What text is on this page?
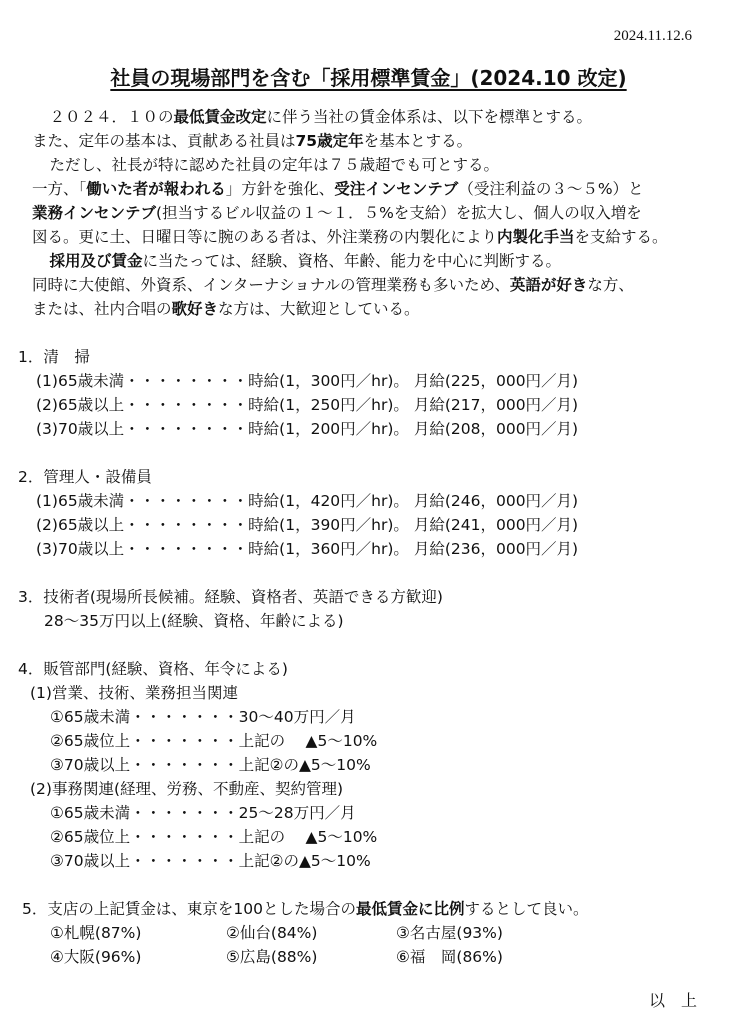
2024.11.12.6
社員の現場部門を含む「採用標準賃金」(2024.10 改定)
　２０２４．１０の最低賃金改定に伴う当社の賃金体系は、以下を標準とする。
また、定年の基本は、貢献ある社員は75歳定年を基本とする。
　ただし、社長が特に認めた社員の定年は７５歳超でも可とする。
一方、「働いた者が報われる」方針を強化、受注インセンテブ（受注利益の３～５%）と
業務インセンテブ(担当するビル収益の１～１．５%を支給）を拡大し、個人の収入増を
図る。更に土、日曜日等に腕のある者は、外注業務の内製化により内製化手当を支給する。
　採用及び賃金に当たっては、経験、資格、年齢、能力を中心に判断する。
同時に大使館、外資系、インターナショナルの管理業務も多いため、英語が好きな方、
または、社内合唱の歌好きな方は、大歓迎としている。
1．清　掃
(1)65歳未満・・・・・・・・時給(1，300円／hr)。 月給(225，000円／月)
(2)65歳以上・・・・・・・・時給(1，250円／hr)。 月給(217，000円／月)
(3)70歳以上・・・・・・・・時給(1，200円／hr)。 月給(208，000円／月)
2．管理人・設備員
(1)65歳未満・・・・・・・・時給(1，420円／hr)。 月給(246，000円／月)
(2)65歳以上・・・・・・・・時給(1，390円／hr)。 月給(241，000円／月)
(3)70歳以上・・・・・・・・時給(1，360円／hr)。 月給(236，000円／月)
3．技術者(現場所長候補。経験、資格者、英語できる方歓迎)
28～35万円以上(経験、資格、年齢による)
4．販管部門(経験、資格、年令による)
(1)営業、技術、業務担当関連
①65歳未満・・・・・・・30～40万円／月
②65歳位上・・・・・・・上記の　 ▲5～10%
③70歳以上・・・・・・・上記②の▲5～10%
(2)事務関連(経理、労務、不動産、契約管理)
①65歳未満・・・・・・・25～28万円／月
②65歳位上・・・・・・・上記の　 ▲5～10%
③70歳以上・・・・・・・上記②の▲5～10%
5．支店の上記賃金は、東京を100とした場合の最低賃金に比例するとして良い。
①札幌(87%)	②仙台(84%)	③名古屋(93%)
④大阪(96%)	⑤広島(88%)	⑥福　岡(86%)
以　上
